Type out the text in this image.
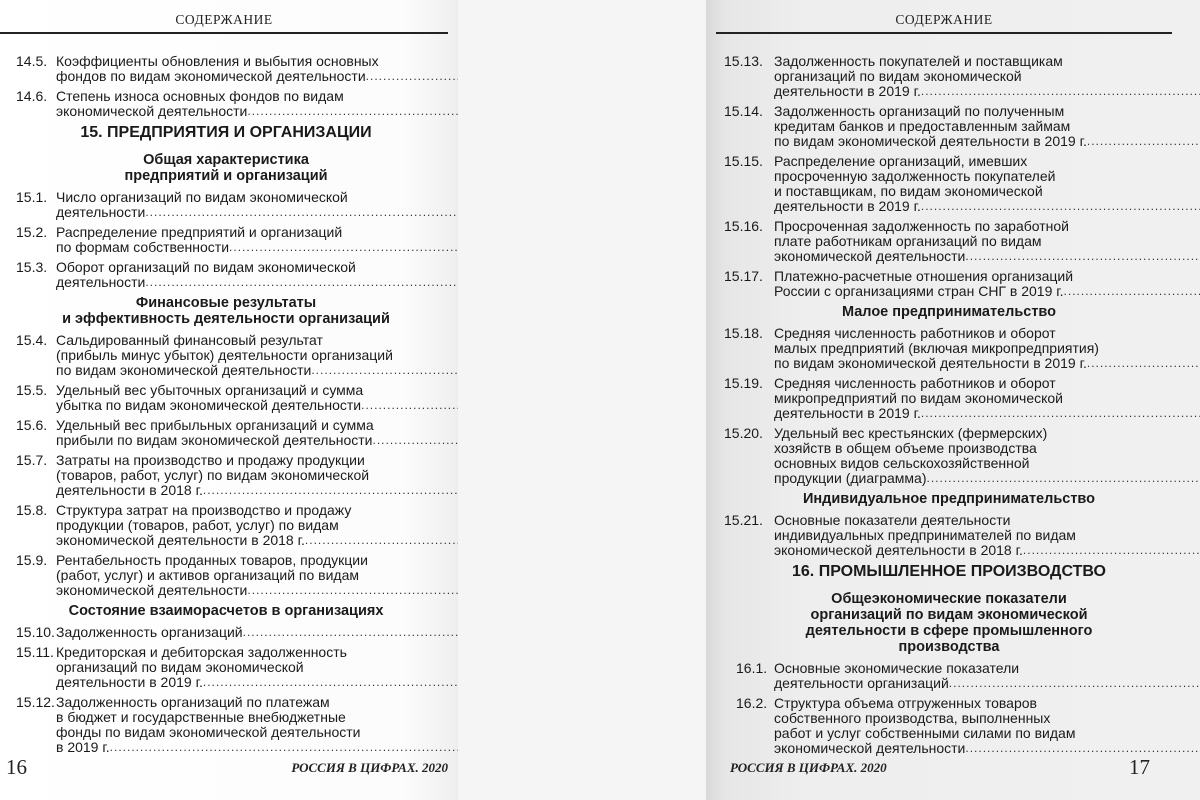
СОДЕРЖАНИЕ
14.5. Коэффициенты обновления и выбытия основных
фондов по видам экономической деятельности
.....
14.6. Степень износа основных фондов по видам
экономической деятельности
.....
15. ПРЕДПРИЯТИЯ И ОРГАНИЗАЦИИ
Общая характеристика
предприятий и организаций
15.1. Число организаций по видам экономической
деятельности
.....
15.2. Распределение предприятий и организаций
по формам собственности
.....
15.3. Оборот организаций по видам экономической
деятельности
.....
Финансовые результаты
и эффективность деятельности организаций
15.4. Сальдированный финансовый результат
(прибыль минус убыток) деятельности организаций
по видам экономической деятельности
.....
15.5. Удельный вес убыточных организаций и сумма
убытка по видам экономической деятельности
.....
15.6. Удельный вес прибыльных организаций и сумма
прибыли по видам экономической деятельности
.....
15.7. Затраты на производство и продажу продукции
(товаров, работ, услуг) по видам экономической
деятельности в 2018 г.
.....
15.8. Структура затрат на производство и продажу
продукции (товаров, работ, услуг) по видам
экономической деятельности в 2018 г.
.....
15.9. Рентабельность проданных товаров, продукции
(работ, услуг) и активов организаций по видам
экономической деятельности
.....
Состояние взаиморасчетов в организациях
15.10. Задолженность организаций
.....
15.11. Кредиторская и дебиторская задолженность
организаций по видам экономической
деятельности в 2019 г.
.....
15.12. Задолженность организаций по платежам
в бюджет и государственные внебюджетные
фонды по видам экономической деятельности
в 2019 г.
.....
16	РОССИЯ В ЦИФРАХ. 2020
СОДЕРЖАНИЕ
15.13. Задолженность покупателей и поставщикам
организаций по видам экономической
деятельности в 2019 г.
.....
15.14. Задолженность организаций по полученным
кредитам банков и предоставленным займам
по видам экономической деятельности в 2019 г.
.....
15.15. Распределение организаций, имевших
просроченную задолженность покупателей
и поставщикам, по видам экономической
деятельности в 2019 г.
.....
15.16. Просроченная задолженность по заработной
плате работникам организаций по видам
экономической деятельности
.....
15.17. Платежно-расчетные отношения организаций
России с организациями стран СНГ в 2019 г.
.....
Малое предпринимательство
15.18. Средняя численность работников и оборот
малых предприятий (включая микропредприятия)
по видам экономической деятельности в 2019 г.
.....
15.19. Средняя численность работников и оборот
микропредприятий по видам экономической
деятельности в 2019 г.
.....
15.20. Удельный вес крестьянских (фермерских)
хозяйств в общем объеме производства
основных видов сельскохозяйственной
продукции (диаграмма)
.....
Индивидуальное предпринимательство
15.21. Основные показатели деятельности
индивидуальных предпринимателей по видам
экономической деятельности в 2018 г.
.....
16. ПРОМЫШЛЕННОЕ ПРОИЗВОДСТВО
Общеэкономические показатели
организаций по видам экономической
деятельности в сфере промышленного
производства
16.1. Основные экономические показатели
деятельности организаций
.....
16.2. Структура объема отгруженных товаров
собственного производства, выполненных
работ и услуг собственными силами по видам
экономической деятельности
.....
17
РОССИЯ В ЦИФРАХ. 2020
